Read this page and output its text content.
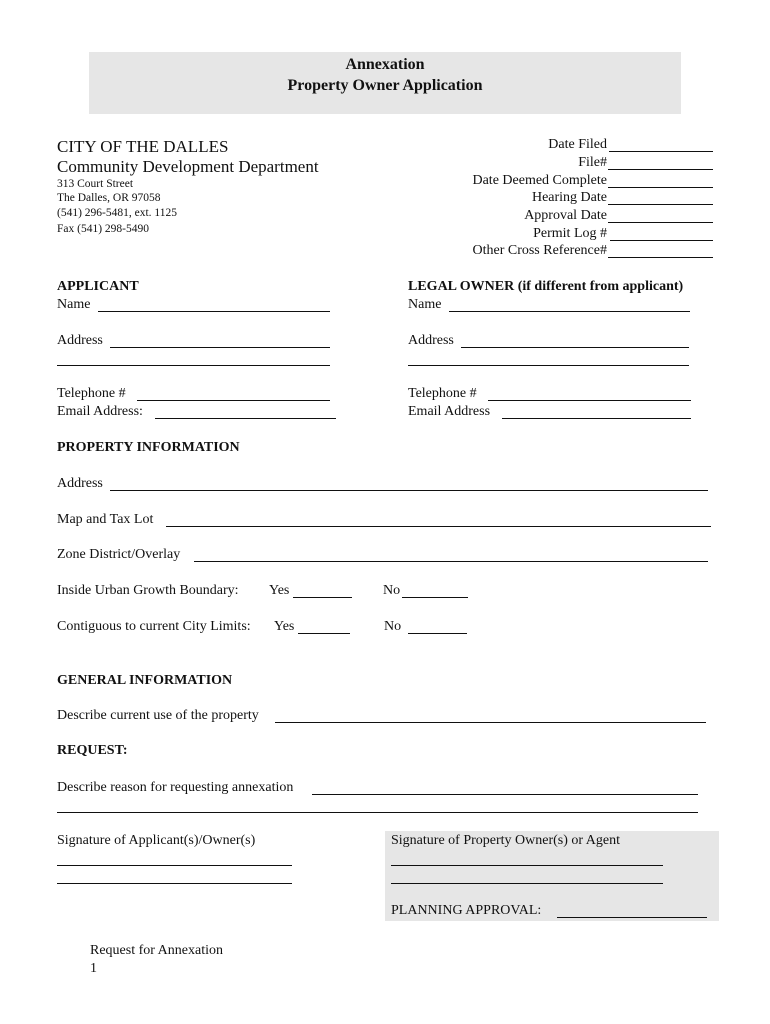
Annexation
Property Owner Application
CITY OF THE DALLES
Community Development Department
313 Court Street
The Dalles, OR 97058
(541) 296-5481, ext. 1125
Fax (541) 298-5490
Date Filed
File#
Date Deemed Complete
Hearing Date
Approval Date
Permit Log #
Other Cross Reference#
APPLICANT
Name
Address
Telephone #
Email Address:
LEGAL OWNER (if different from applicant)
Name
Address
Telephone #
Email Address
PROPERTY INFORMATION
Address
Map and Tax Lot
Zone District/Overlay
Inside Urban Growth Boundary: Yes	No
Contiguous to current City Limits: Yes	No
GENERAL INFORMATION
Describe current use of the property
REQUEST:
Describe reason for requesting annexation
Signature of Applicant(s)/Owner(s)	Signature of Property Owner(s) or Agent
PLANNING APPROVAL:
Request for Annexation
1
